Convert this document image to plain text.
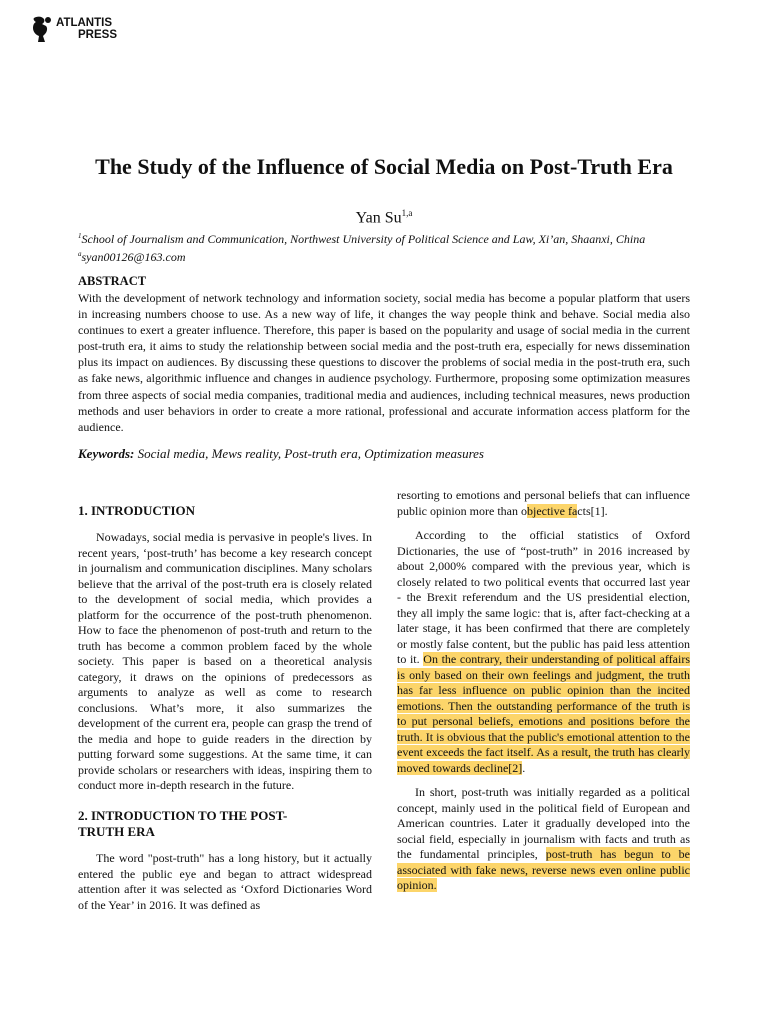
ATLANTIS
PRESS
The Study of the Influence of Social Media on Post-Truth Era
Yan Su$^{1,a}$
$^1$School of Journalism and Communication, Northwest University of Political Science and Law, Xi’an, Shaanxi, China
$^a$syan00126@163.com
ABSTRACT
With the development of network technology and information society, social media has become a popular platform that users in increasing numbers choose to use. As a new way of life, it changes the way people think and behave. Social media also continues to exert a greater influence. Therefore, this paper is based on the popularity and usage of social media in the current post-truth era, it aims to study the relationship between social media and the post-truth era, especially for news dissemination plus its impact on audiences. By discussing these questions to discover the problems of social media in the post-truth era, such as fake news, algorithmic influence and changes in audience psychology. Furthermore, proposing some optimization measures from three aspects of social media companies, traditional media and audiences, including technical measures, news production methods and user behaviors in order to create a more rational, professional and accurate information access platform for the audience.
Keywords: Social media, Mews reality, Post-truth era, Optimization measures
1. INTRODUCTION

Nowadays, social media is pervasive in people's lives. In recent years, ‘post-truth’ has become a key research concept in journalism and communication disciplines. Many scholars believe that the arrival of the post-truth era is closely related to the development of social media, which provides a platform for the occurrence of the post-truth phenomenon. How to face the phenomenon of post-truth and return to the truth has become a common problem faced by the whole society. This paper is based on a theoretical analysis category, it draws on the opinions of predecessors as arguments to analyze as well as come to research conclusions. What’s more, it also summarizes the development of the current era, people can grasp the trend of the media and hope to guide readers in the direction by putting forward some suggestions. At the same time, it can provide scholars or researchers with ideas, inspiring them to conduct more in-depth research in the future.

2. INTRODUCTION TO THE POST-
TRUTH ERA

The word "post-truth" has a long history, but it actually entered the public eye and began to attract widespread attention after it was selected as ‘Oxford Dictionaries Word of the Year’ in 2016. It was defined as

resorting to emotions and personal beliefs that can influence public opinion more than objective facts[1].

According to the official statistics of Oxford Dictionaries, the use of “post-truth” in 2016 increased by about 2,000% compared with the previous year, which is closely related to two political events that occurred last year - the Brexit referendum and the US presidential election, they all imply the same logic: that is, after fact-checking at a later stage, it has been confirmed that there are completely or mostly false content, but the public has paid less attention to it. On the contrary, their understanding of political affairs is only based on their own feelings and judgment, the truth has far less influence on public opinion than the incited emotions. Then the outstanding performance of the truth is to put personal beliefs, emotions and positions before the truth. It is obvious that the public's emotional attention to the event exceeds the fact itself. As a result, the truth has clearly moved towards decline[2].

In short, post-truth was initially regarded as a political concept, mainly used in the political field of European and American countries. Later it gradually developed into the social field, especially in journalism with facts and truth as the fundamental principles, post-truth has begun to be associated with fake news, reverse news even online public opinion.
